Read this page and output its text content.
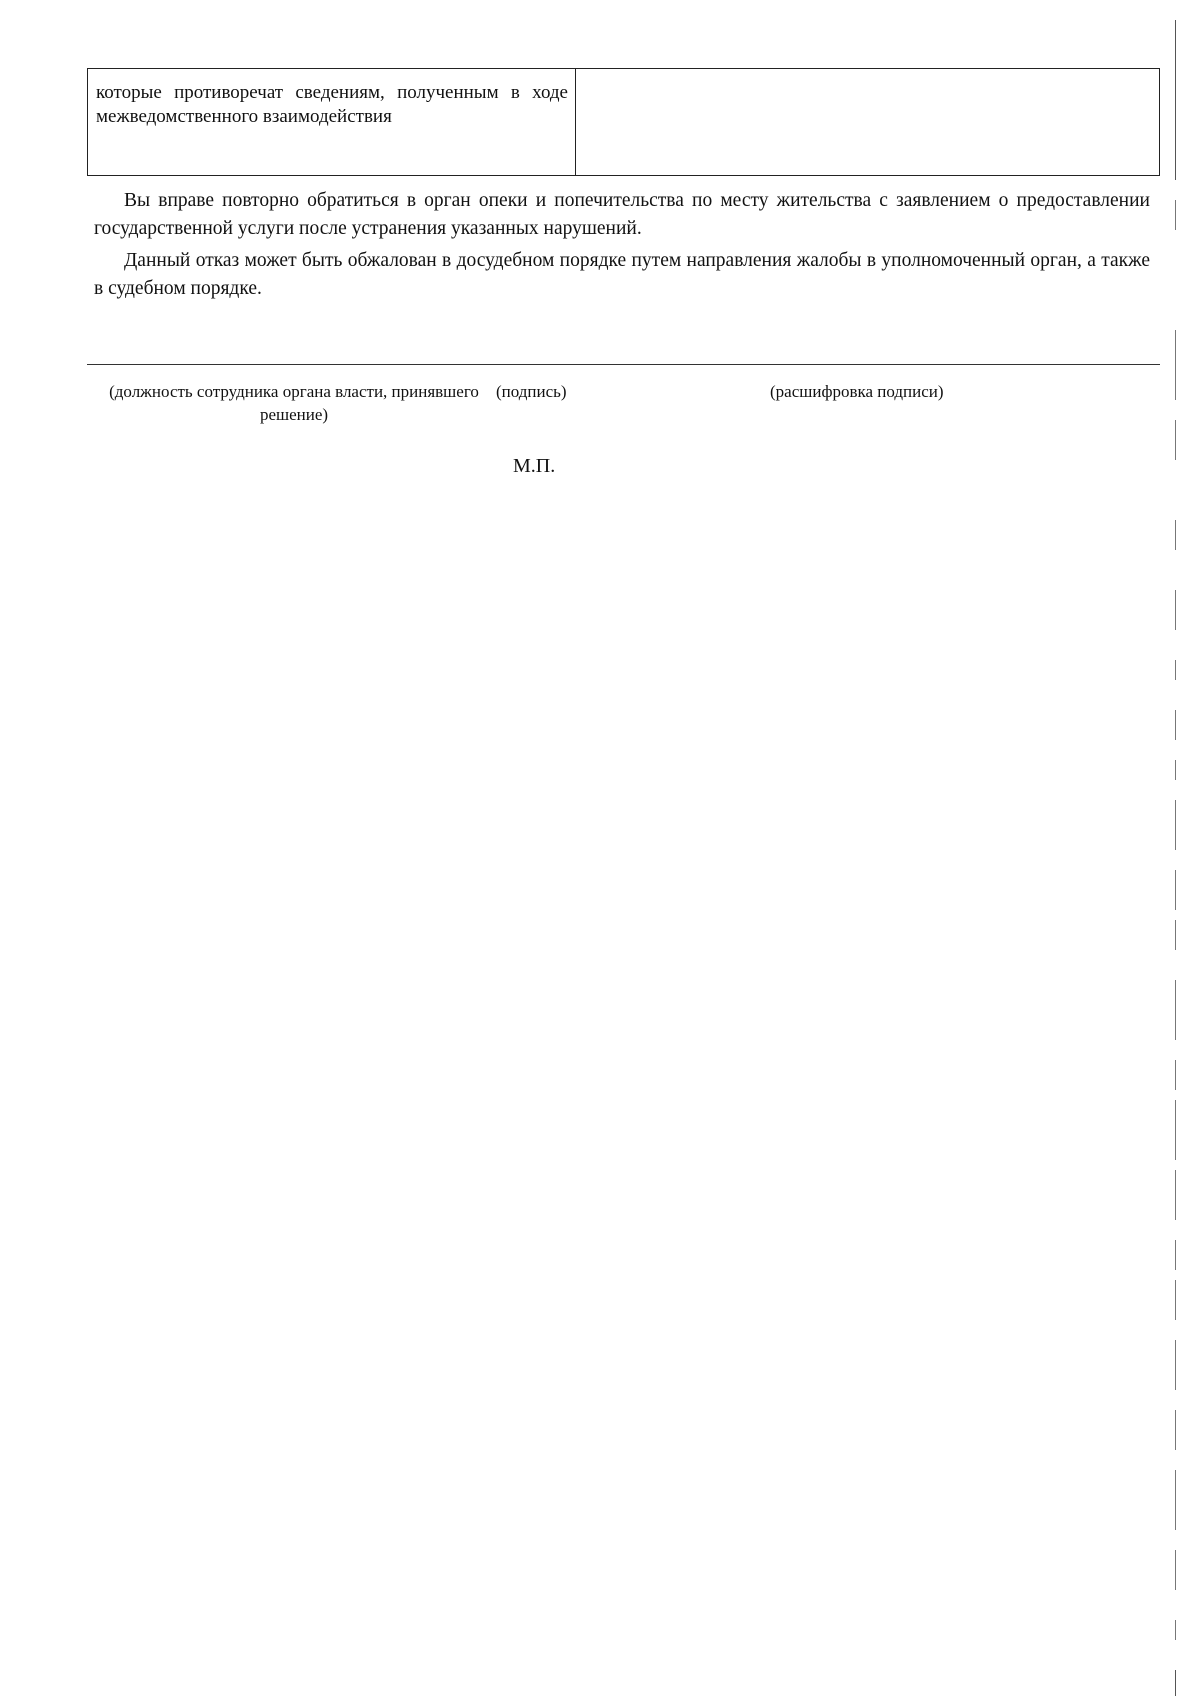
которые противоречат сведениям, полученным в ходе межведомственного взаимодействия	

Вы вправе повторно обратиться в орган опеки и попечительства по месту жительства с заявлением о предоставлении государственной услуги после устранения указанных нарушений.

Данный отказ может быть обжалован в досудебном порядке путем направления жалобы в уполномоченный орган, а также в судебном порядке.

(должность сотрудника органа власти, принявшего решение)
(подпись)	(расшифровка подписи)
М.П.
